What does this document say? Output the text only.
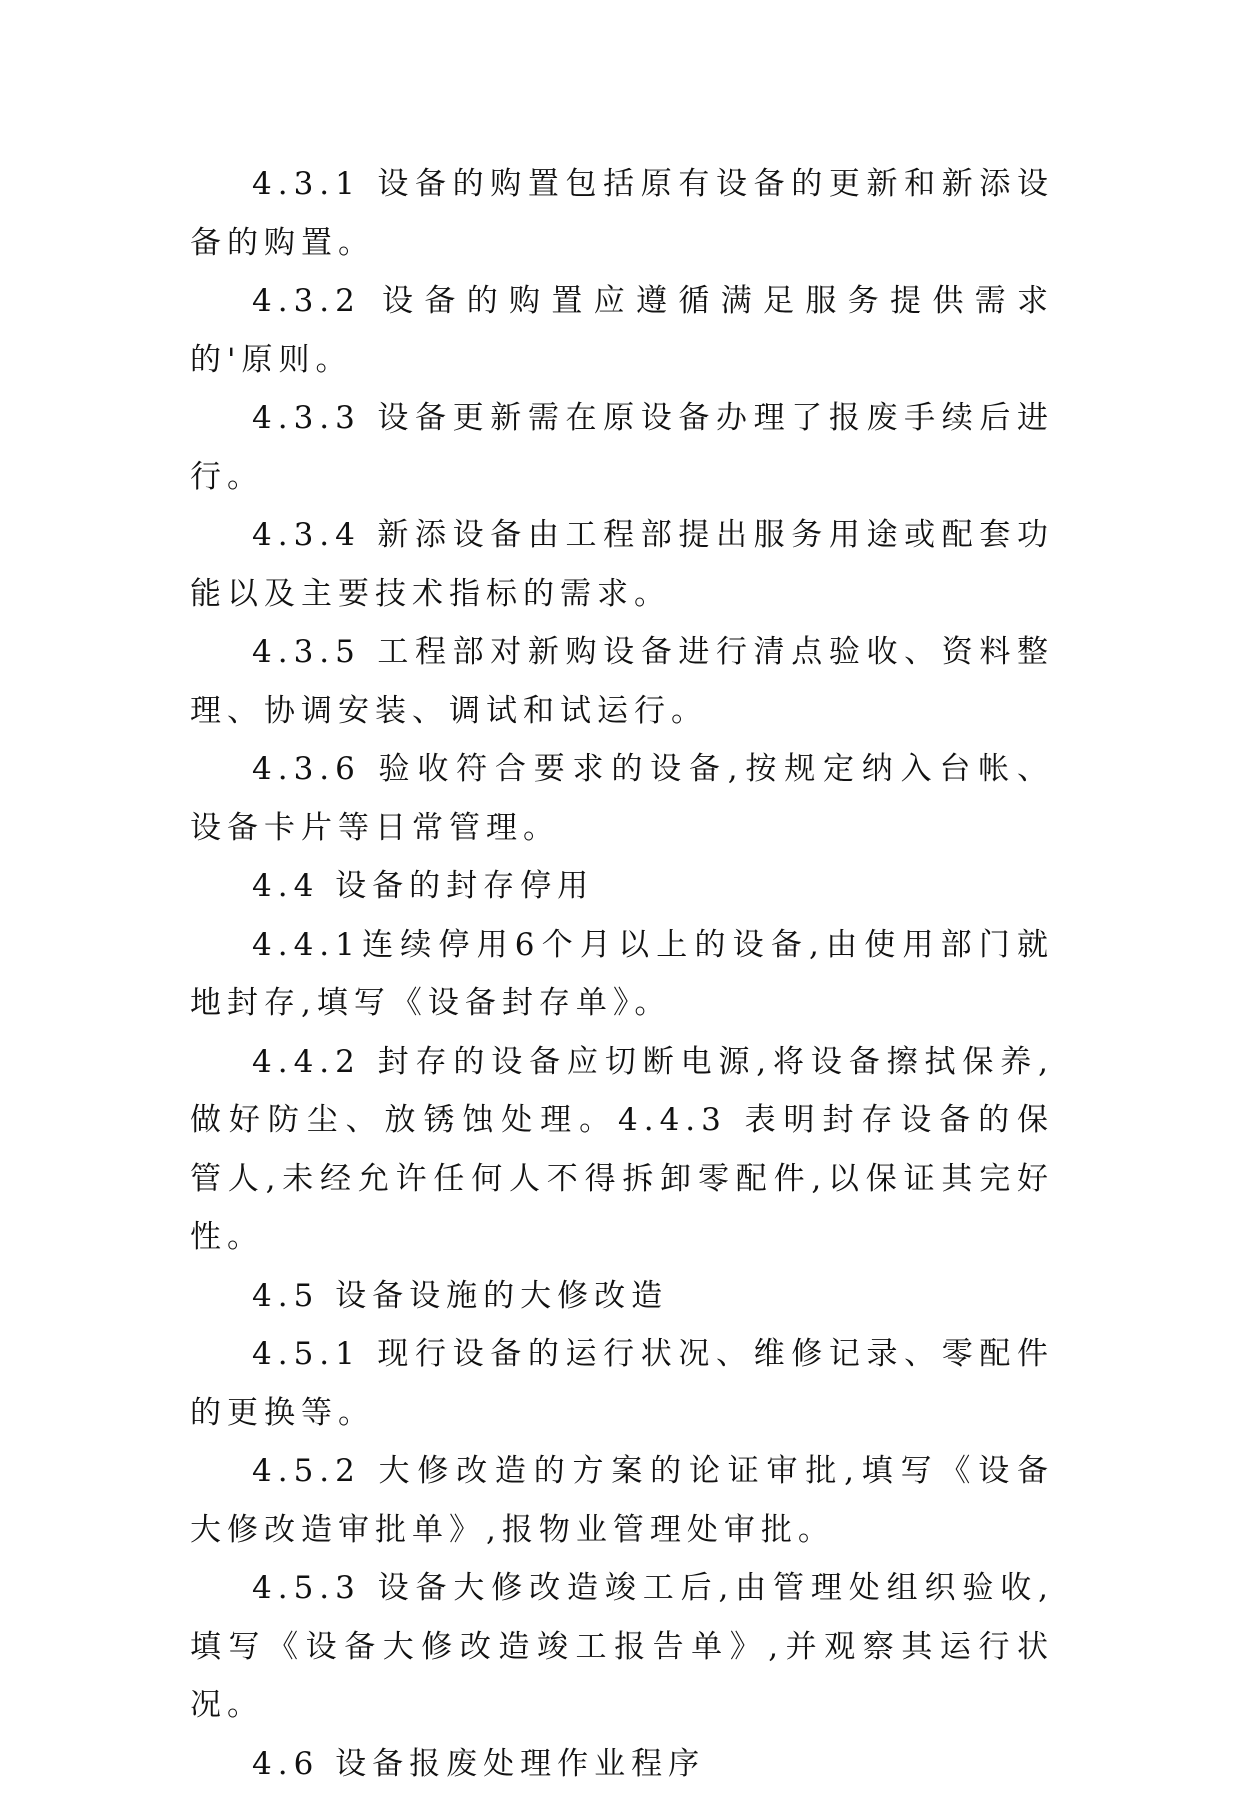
4.3.1 设备的购置包括原有设备的更新和新添设备的购置。

4.3.2 设备的购置应遵循满足服务提供需求的'原则。

4.3.3 设备更新需在原设备办理了报废手续后进行。

4.3.4 新添设备由工程部提出服务用途或配套功能以及主要技术指标的需求。

4.3.5 工程部对新购设备进行清点验收、资料整理、协调安装、调试和试运行。

4.3.6 验收符合要求的设备,按规定纳入台帐、设备卡片等日常管理。

4.4 设备的封存停用

4.4.1连续停用6个月以上的设备,由使用部门就地封存,填写《设备封存单》。

4.4.2 封存的设备应切断电源,将设备擦拭保养,做好防尘、放锈蚀处理。4.4.3 表明封存设备的保管人,未经允许任何人不得拆卸零配件,以保证其完好性。

4.5 设备设施的大修改造

4.5.1 现行设备的运行状况、维修记录、零配件的更换等。

4.5.2 大修改造的方案的论证审批,填写《设备大修改造审批单》,报物业管理处审批。

4.5.3 设备大修改造竣工后,由管理处组织验收,填写《设备大修改造竣工报告单》,并观察其运行状况。

4.6 设备报废处理作业程序
